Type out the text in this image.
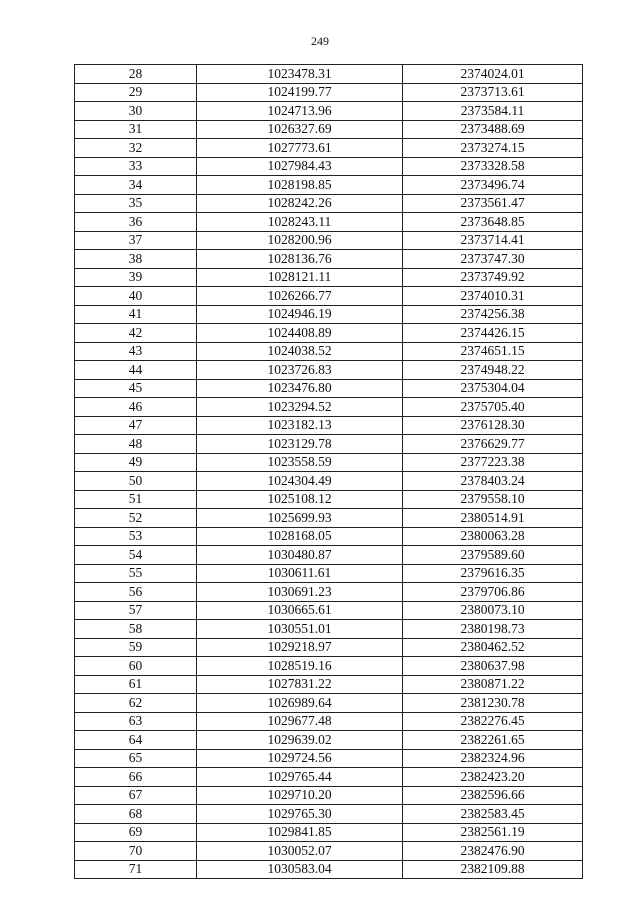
249
28	1023478.31	2374024.01
29	1024199.77	2373713.61
30	1024713.96	2373584.11
31	1026327.69	2373488.69
32	1027773.61	2373274.15
33	1027984.43	2373328.58
34	1028198.85	2373496.74
35	1028242.26	2373561.47
36	1028243.11	2373648.85
37	1028200.96	2373714.41
38	1028136.76	2373747.30
39	1028121.11	2373749.92
40	1026266.77	2374010.31
41	1024946.19	2374256.38
42	1024408.89	2374426.15
43	1024038.52	2374651.15
44	1023726.83	2374948.22
45	1023476.80	2375304.04
46	1023294.52	2375705.40
47	1023182.13	2376128.30
48	1023129.78	2376629.77
49	1023558.59	2377223.38
50	1024304.49	2378403.24
51	1025108.12	2379558.10
52	1025699.93	2380514.91
53	1028168.05	2380063.28
54	1030480.87	2379589.60
55	1030611.61	2379616.35
56	1030691.23	2379706.86
57	1030665.61	2380073.10
58	1030551.01	2380198.73
59	1029218.97	2380462.52
60	1028519.16	2380637.98
61	1027831.22	2380871.22
62	1026989.64	2381230.78
63	1029677.48	2382276.45
64	1029639.02	2382261.65
65	1029724.56	2382324.96
66	1029765.44	2382423.20
67	1029710.20	2382596.66
68	1029765.30	2382583.45
69	1029841.85	2382561.19
70	1030052.07	2382476.90
71	1030583.04	2382109.88
